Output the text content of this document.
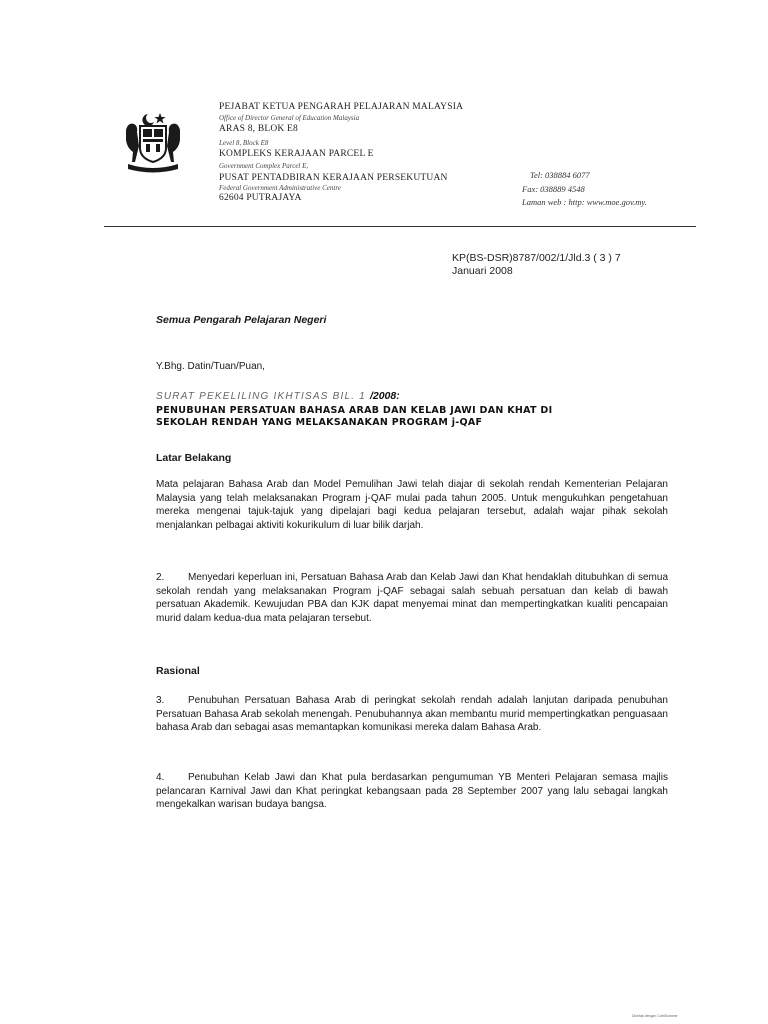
PEJABAT KETUA PENGARAH PELAJARAN MALAYSIA
Office of Director General of Education Malaysia
ARAS 8, BLOK E8
Level 8, Block E8
KOMPLEKS KERAJAAN PARCEL E
Government Complex Parcel E,
PUSAT PENTADBIRAN KERAJAAN PERSEKUTUAN
Federal Government Administrative Centre
62604 PUTRAJAYA
Tel: 038884 6077
Fax: 038889 4548
Laman web : http: www.moe.gov.my.
KP(BS-DSR)8787/002/1/Jld.3 ( 3 ) 7
Januari 2008
Semua Pengarah Pelajaran Negeri
Y.Bhg. Datin/Tuan/Puan,
SURAT PEKELILING IKHTISAS BIL. 1 /2008:
PENUBUHAN PERSATUAN BAHASA ARAB DAN KELAB JAWI DAN KHAT DI
SEKOLAH RENDAH YANG MELAKSANAKAN PROGRAM j-QAF
Latar Belakang
Mata pelajaran Bahasa Arab dan Model Pemulihan Jawi telah diajar di sekolah rendah Kementerian Pelajaran Malaysia yang telah melaksanakan Program j-QAF mulai pada tahun 2005. Untuk mengukuhkan pengetahuan mereka mengenai tajuk-tajuk yang dipelajari bagi kedua pelajaran tersebut, adalah wajar pihak sekolah menjalankan pelbagai aktiviti kokurikulum di luar bilik darjah.
2. Menyedari keperluan ini, Persatuan Bahasa Arab dan Kelab Jawi dan Khat hendaklah ditubuhkan di semua sekolah rendah yang melaksanakan Program j-QAF sebagai salah sebuah persatuan dan kelab di bawah persatuan Akademik. Kewujudan PBA dan KJK dapat menyemai minat dan mempertingkatkan kualiti pencapaian murid dalam kedua-dua mata pelajaran tersebut.
Rasional
3. Penubuhan Persatuan Bahasa Arab di peringkat sekolah rendah adalah lanjutan daripada penubuhan Persatuan Bahasa Arab sekolah menengah. Penubuhannya akan membantu murid mempertingkatkan penguasaan bahasa Arab dan sebagai asas memantapkan komunikasi mereka dalam Bahasa Arab.
4. Penubuhan Kelab Jawi dan Khat pula berdasarkan pengumuman YB Menteri Pelajaran semasa majlis pelancaran Karnival Jawi dan Khat peringkat kebangsaan pada 28 September 2007 yang lalu sebagai langkah mengekalkan warisan budaya bangsa.
Dicetak dengan CamScanner
